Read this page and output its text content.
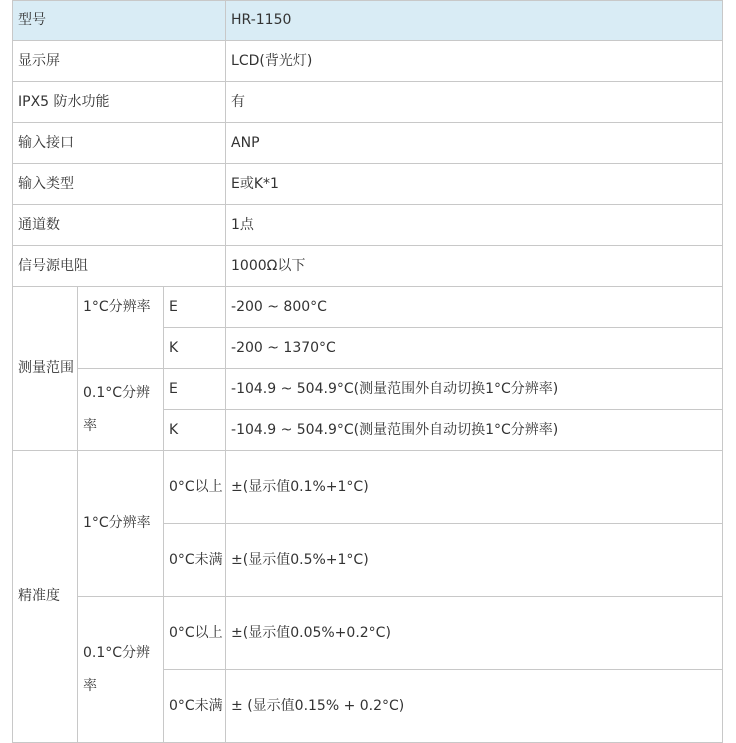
型号			HR-1150
显示屏			LCD(背光灯)
IPX5 防水功能			有
输入接口			ANP
输入类型			E或K*1
通道数			1点
信号源电阻			1000Ω以下
测量范围	1°C分辨率	E	-200 ~ 800°C
		K	-200 ~ 1370°C
	0.1°C分辨率	E	-104.9 ~ 504.9°C(测量范围外自动切换1°C分辨率)
		K	-104.9 ~ 504.9°C(测量范围外自动切换1°C分辨率)
精准度	1°C分辨率	0°C以上	±(显示值0.1%+1°C)
		0°C未满	±(显示值0.5%+1°C)
	0.1°C分辨率	0°C以上	±(显示值0.05%+0.2°C)
		0°C未满	± (显示值0.15% + 0.2°C)
